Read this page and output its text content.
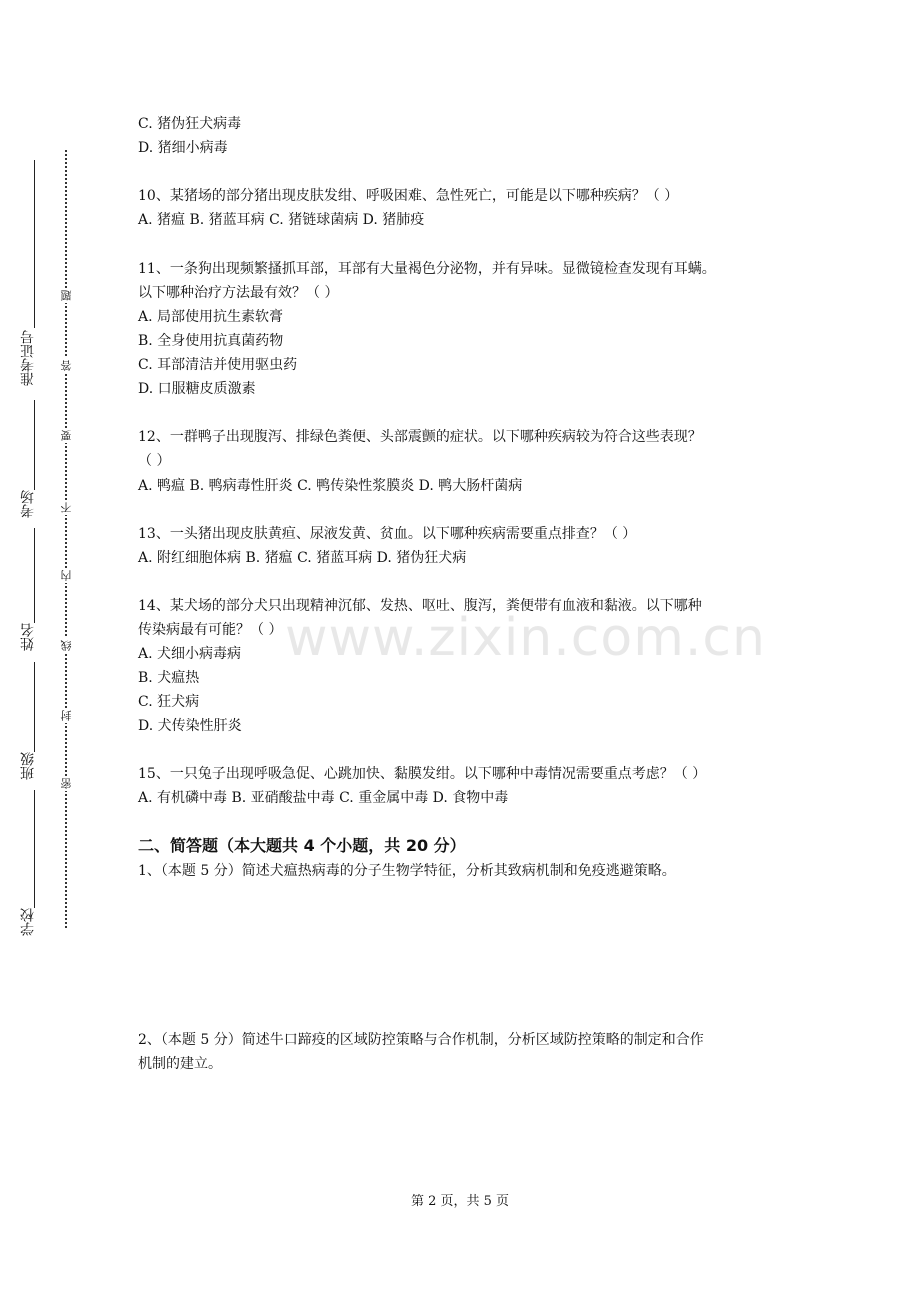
准考证号
考场
姓名
班级
学校
题
答
要
不
内
线
封
密
www.zixin.com.cn
C. 猪伪狂犬病毒
D. 猪细小病毒
10、某猪场的部分猪出现皮肤发绀、呼吸困难、急性死亡，可能是以下哪种疾病？（ ）
A. 猪瘟 B. 猪蓝耳病 C. 猪链球菌病 D. 猪肺疫
11、一条狗出现频繁搔抓耳部，耳部有大量褐色分泌物，并有异味。显微镜检查发现有耳螨。
以下哪种治疗方法最有效？（ ）
A. 局部使用抗生素软膏
B. 全身使用抗真菌药物
C. 耳部清洁并使用驱虫药
D. 口服糖皮质激素
12、一群鸭子出现腹泻、排绿色粪便、头部震颤的症状。以下哪种疾病较为符合这些表现？
（ ）
A. 鸭瘟 B. 鸭病毒性肝炎 C. 鸭传染性浆膜炎 D. 鸭大肠杆菌病
13、一头猪出现皮肤黄疸、尿液发黄、贫血。以下哪种疾病需要重点排查？（ ）
A. 附红细胞体病 B. 猪瘟 C. 猪蓝耳病 D. 猪伪狂犬病
14、某犬场的部分犬只出现精神沉郁、发热、呕吐、腹泻，粪便带有血液和黏液。以下哪种
传染病最有可能？（ ）
A. 犬细小病毒病
B. 犬瘟热
C. 狂犬病
D. 犬传染性肝炎
15、一只兔子出现呼吸急促、心跳加快、黏膜发绀。以下哪种中毒情况需要重点考虑？（ ）
A. 有机磷中毒 B. 亚硝酸盐中毒 C. 重金属中毒 D. 食物中毒
二、简答题（本大题共 4 个小题，共 20 分）
1、（本题 5 分）简述犬瘟热病毒的分子生物学特征，分析其致病机制和免疫逃避策略。
2、（本题 5 分）简述牛口蹄疫的区域防控策略与合作机制，分析区域防控策略的制定和合作
机制的建立。
第 2 页，共 5 页
